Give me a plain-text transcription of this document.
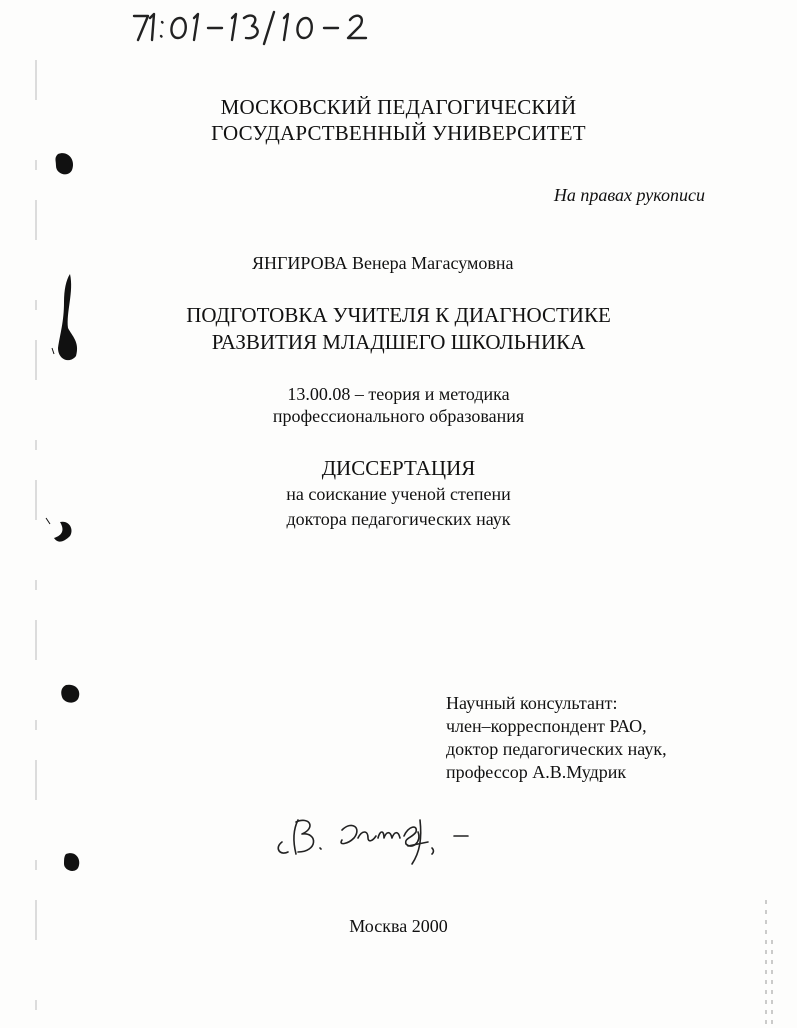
МОСКОВСКИЙ ПЕДАГОГИЧЕСКИЙ
ГОСУДАРСТВЕННЫЙ УНИВЕРСИТЕТ
На правах рукописи
ЯНГИРОВА Венера Магасумовна
ПОДГОТОВКА УЧИТЕЛЯ К ДИАГНОСТИКЕ
РАЗВИТИЯ МЛАДШЕГО ШКОЛЬНИКА
13.00.08 – теория и методика
профессионального образования
ДИССЕРТАЦИЯ
на соискание ученой степени
доктора педагогических наук
Научный консультант:
член–корреспондент РАО,
доктор педагогических наук,
профессор А.В.Мудрик
Москва 2000
